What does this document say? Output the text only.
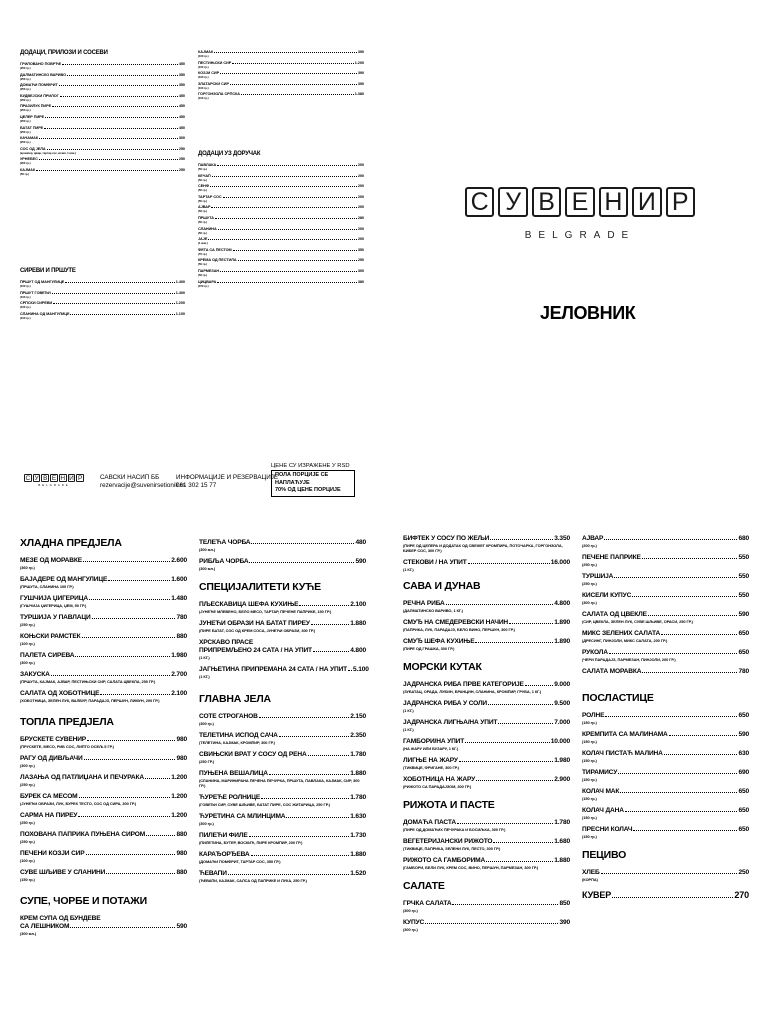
ДОДАЦИ, ПРИЛОЗИ И СОСЕВИ
ГРИЛОВАНО ПОВРЋЕ	450
(250 гр.)
ДАЛМАТИНСКО ВАРИВО	350
(250 гр.)
ДОМАЋИ ПОМФРИТ	350
(250 гр.)
БУДВЕЈСКИ ПРИЛОГ	450
(250 гр.)
ПРАЗИЛУК ПИРЕ	450
(250 гр.)
ЦЕЛЕР ПИРЕ	450
(250 гр.)
БАТАТ ПИРЕ	450
(250 гр.)
КАЧАМАК	300
(250 гр.)
СОС ОД ЈЕЛА	250
(кромпир, ајвар, тартар сос, кечап, 1 ком.)
УРНЕБЕС	250
(200 гр.)
КАЈМАК	250
(50 гр.)
СИРЕВИ И ПРШУТЕ
ПРШУТ ОД МАНГУЛИЦЕ	1.400
(100 гр.)
ПРШУТ ГОВЕЂИ	1.400
(100 гр.)
СРПСКИ СИРЕВИ	1.200
(100 гр.)
СЛАНИНА ОД МАНГУЛИЦЕ	1.100
(100 гр.)
КАЈМАК	390
(100 гр.)
ПЕСТИЊСКИ СИР	1.200
(100 гр.)
КОЗЈИ СИР	390
(100 гр.)
ЗЛАТАРСКИ СИР	390
(100 гр.)
ГОРГОНЗОЛА СРПСКА	1.380
(100 гр.)
ДОДАЦИ УЗ ДОРУЧАК
ПАВЛАКА	200
(50 гр.)
КЕЧАП	200
(50 гр.)
СЕНФ	200
(50 гр.)
ТАРТАР СОС	200
(50 гр.)
АЈВАР	200
(50 гр.)
ПРШУТА	280
(50 гр.)
СЛАНИНА	200
(50 гр.)
ЈАЈЕ	200
(1 ком.)
ФЕТА СА ПЕСТОМ	350
(70 гр.)
КРЕМА ОД ПЕСТИЛА	250
(50 гр.)
ПАРМЕЗАН	300
(50 гр.)
ЦИЦВАРА	380
(150 гр.)
С У В Е Н И Р
BELGRADE
ЈЕЛОВНИК
С У В Е Н И Р
BELGRADE
САВСКИ НАСИП ББ
rezervacije@suvenirsetionik.rs
ИНФОРМАЦИЈЕ И РЕЗЕРВАЦИЈЕ
061 302 15 77
ЦЕНЕ СУ ИЗРАЖЕНЕ У RSD
ПОЛА ПОРЦИЈЕ СЕ НАПЛАЋУЈЕ
70% ОД ЦЕНЕ ПОРЦИЈЕ
ХЛАДНА ПРЕДЈЕЛА
МЕЗЕ ОД МОРАВКЕ	2.600
(360 гр.)
БАЈАДЕРЕ ОД МАНГУЛИЦЕ	1.600
(ПРШУТА, СЛАНИНА 100 ГР.)
ГУШЧИЈА ЏИГЕРИЦА	1.480
(ГУШЧИЈА ЏИГЕРИЦА, ЏЕМ, 50 ГР.)
ТУРШИЈА У ПАВЛАЦИ	780
(250 гр.)
КОЊСКИ РАМСТЕК	880
(100 гр.)
ПАЛЕТА СИРЕВА	1.980
(300 гр.)
ЗАКУСКА	2.700
(ПРШУТА, КАЈМАК, АЈВАР, ПЕСТИЊСКИ СИР, САЛАТА ЦВЕКЛА, 250 ГР.)
САЛАТА ОД ХОБОТНИЦЕ	2.100
(ХОБОТНИЦА, ЗЕЛЕН ЛУК, ВАЛБУР, ПАРАДАЈЗ, ПЕРШУН, ЛИМУН, 200 ГР.)
ТОПЛА ПРЕДЈЕЛА
БРУСКЕТЕ СУВЕНИР	980
(ПРУСКЕТЕ, МЕСО, РИБ СОС, ЛИПТО ОСЕЉ 5 ГР.)
РАГУ ОД ДИВЉАЧИ	980
(300 гр.)
ЛАЗАЊА ОД ПАТЛИЏАНА И ПЕЧУРАКА	1.200
(250 гр.)
БУРЕК СА МЕСОМ	1.200
(ЈУНЕЋИ ОБРАЗИ, ЛУК, БУРЕК ТЕСТО, СОС ОД СИРА, 300 ГР.)
САРМА НА ПИРЕУ	1.200
(250 гр.)
ПОХОВАНА ПАПРИКА ПУЊЕНА СИРОМ	880
(250 гр.)
ПЕЧЕНИ КОЗЈИ СИР	980
(100 гр.)
СУВЕ ШЉИВЕ У СЛАНИНИ	880
(150 гр.)
СУПЕ, ЧОРБЕ И ПОТАЖИ
КРЕМ СУПА ОД БУНДЕВЕ
СА ЛЕШНИКОМ	590
(300 мл.)
ТЕЛЕЋА ЧОРБА	480
(300 мл.)
РИБЉА ЧОРБА	590
(300 мл.)
СПЕЦИЈАЛИТЕТИ КУЋЕ
ПЉЕСКАВИЦА ШЕФА КУХИЊЕ	2.100
(ЈУНЕЋЕ МЛЕВЕНО, БЕЛО МЕСО, ТАРТАР, ПЕЧЕНЕ ПАПРИКЕ, 150 ГР.)
ЈУНЕЋИ ОБРАЗИ НА БАТАТ ПИРЕУ	1.880
(ПИРЕ БАТАТ, СОС ОД КРЕМ СОСА, ЈУНЕЋИ ОБРАЗИ, 300 ГР.)
ХРСКАВО ПРАСЕ
ПРИПРЕМЉЕНО 24 САТА / НА УПИТ	4.800
(1 КГ.)
ЈАГЊЕТИНА ПРИПРЕМАНА 24 САТА / НА УПИТ 5.100
(1 КГ.)
ГЛАВНА ЈЕЛА
СОТЕ СТРОГАНОВ	2.150
(300 гр.)
ТЕЛЕТИНА ИСПОД САЧА	2.350
(ТЕЛЕТИНА, КАЈМАК, КРОМПИР, 300 ГР.)
СВИЊСКИ ВРАТ У СОСУ ОД РЕНА	1.780
(250 ГР.)
ПУЊЕНА ВЕШАЛИЦА	1.880
(СЛАНИНА, МАРИНИРАНА ПЕЧЕНА ПЕЧУРКА, ПРШУТА, ПАВЛАКА, КАЈМАК, СИР, 300 ГР.)
ЋУРЕЋЕ РОЛНИЦЕ	1.780
(ГОВЕЂИ СИР, СУВЕ ШЉИВЕ, БАТАТ ПИРЕ, СОС ЖИТАРИЦА, 250 ГР.)
ЋУРЕТИНА СА МЛИНЦИМА	1.630
(300 гр.)
ПИЛЕЋИ ФИЛЕ	1.730
(ПИЛЕТИНА, БУТЕР, ВОСКИЋ, ПИРЕ КРОМПИР, 200 ГР.)
КАРАЂОРЂЕВА	1.880
(ДОМАЋИ ПОМФРИТ, ТАРТАР СОС, 350 ГР.)
ЋЕВАПИ	1.520
(ЋЕВАПИ, КАЈМАК, САЛСА ОД ПАПРИКЕ И ЛУКА, 250 ГР.)
БИФТЕК У СОСУ ПО ЖЕЉИ	3.350
(ПИРЕ ОД ЦЕЛЕРА И ДОДАТАК ОД СВЕЖЕГ КРОМПИРА, ПОТОЧАРКА, ГОРГОНЗОЛА, БИБЕР СОС, 300 ГР.)
СТЕКОВИ / НА УПИТ	16.000
(1 КГ.)
САВА И ДУНАВ
РЕЧНА РИБА	4.800
(ДАЛМАТИНСКО ВАРИВО, 1 КГ.)
СМУЂ НА СМЕДЕРЕВСКИ НАЧИН	1.890
(ПАПРИКА, ЛУК, ПАРАДАЈЗ, БЕЛО ВИНО, ПЕРШУН, 300 ГР.)
СМУЂ ШЕФА КУХИЊЕ	1.890
(ПИРЕ ОД ГРАШКА, 300 ГР.)
МОРСКИ КУТАК
ЈАДРАНСКА РИБА ПРВЕ КАТЕГОРИЈЕ	9.000
(ЗУБАТАЦ, ОРАДА, ЛУБИН, БРАНЦИН, СЛАНИНА, КРОМПИР, ГРУБА, 1 КГ.)
ЈАДРАНСКА РИБА У СОЛИ	9.500
(1 КГ.)
ЈАДРАНСКА ЛИГЊА/НА УПИТ	7.000
(1 КГ.)
ГАМБОРИ/НА УПИТ	10.000
(НА ЖАРУ ИЛИ БУЗАРУ, 1 КГ.)
ЛИГЊЕ НА ЖАРУ	1.980
(ТИКВИЦЕ, ФРИГАНЕ, 300 ГР.)
ХОБОТНИЦА НА ЖАРУ	2.900
(РИЖОТО СА ПАРАДАЈЗОМ, 300 ГР.)
РИЖОТА И ПАСТЕ
ДОМАЋА ПАСТА	1.780
(ПИРЕ ОД ДОМАЋИХ ПЕЧУРАКА И БОСИЉКА, 300 ГР.)
ВЕГЕТЕРИЈАНСКИ РИЖОТО	1.680
(ТИКВИЦЕ, ПАПРИКА, ЗЕЛЕНИ ЛУК, ПЕСТО, 300 ГР.)
РИЖОТО СА ГАМБОРИМА	1.880
(ГАМБОРИ, БЕЛИ ЛУК, КРЕМ СОС, ВИНО, ПЕРШУН, ПАРМЕЗАН, 300 ГР.)
САЛАТЕ
ГРЧКА САЛАТА	850
(300 гр.)
КУПУС	390
(300 гр.)
АЈВАР	680
(200 гр.)
ПЕЧЕНЕ ПАПРИКЕ	550
(250 гр.)
ТУРШИЈА	550
(250 гр.)
КИСЕЛИ КУПУС	550
(300 гр.)
САЛАТА ОД ЦВЕКЛЕ	590
(СИР, ЦВЕКЛА, ЗЕЛЕН ЛУК, СУВЕ ШЉИВЕ, ОРАСИ, 250 ГР.)
МИКС ЗЕЛЕНИХ САЛАТА	650
(ДРЕСИНГ, ПИНЈОЛИ, МИКС САЛАТА, 200 ГР.)
РУКОЛА	650
(ЧЕРИ ПАРАДАЈЗ, ПАРМЕЗАН, ПИНЈОЛИ, 200 ГР.)
САЛАТА МОРАВКА	780
ПОСЛАСТИЦЕ
РОЛНЕ	650
(150 гр.)
КРЕМПИТА СА МАЛИНАМА	590
(150 гр.)
КОЛАЧ ПИСТАЋ МАЛИНА	630
(150 гр.)
ТИРАМИСУ	690
(150 гр.)
КОЛАЧ МАК	650
(150 гр.)
КОЛАЧ ДАНА	650
(150 гр.)
ПРЕСНИ КОЛАЧ	650
(150 гр.)
ПЕЦИВО
ХЛЕБ	250
(КОРПА)
КУВЕР	270
